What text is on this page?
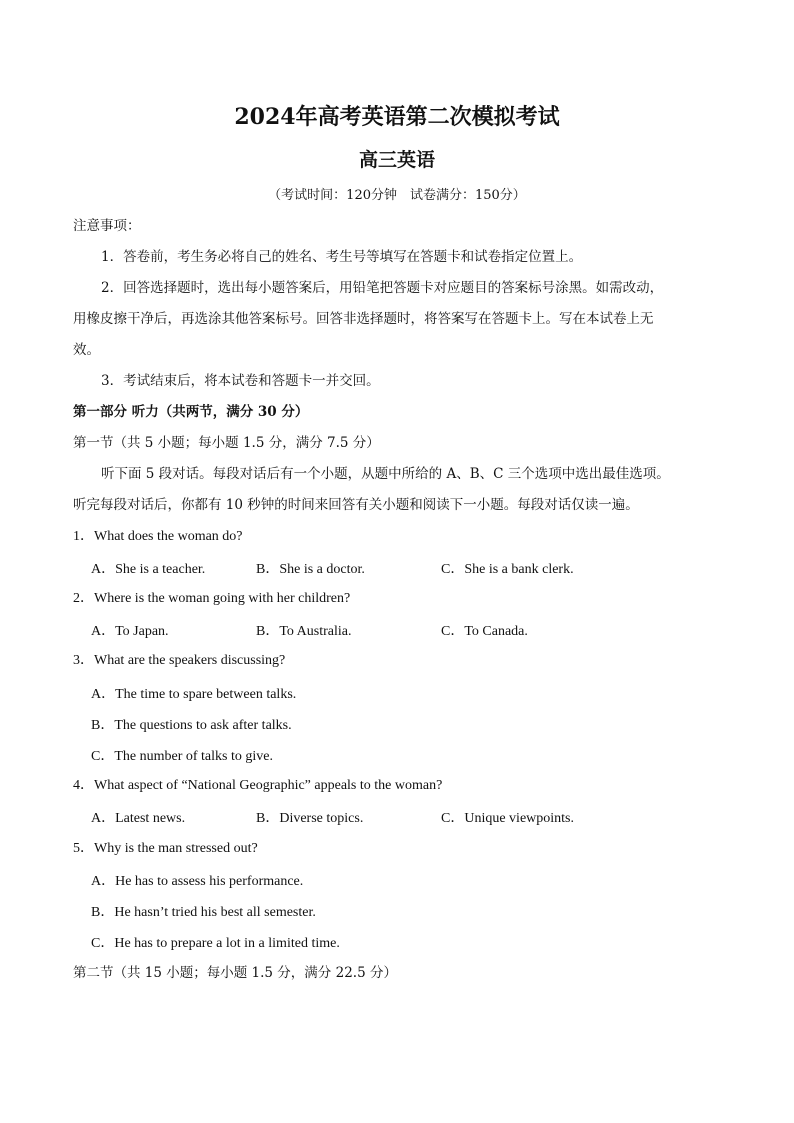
2024年高考英语第二次模拟考试
高三英语
（考试时间：120分钟　试卷满分：150分）
注意事项：
1．答卷前，考生务必将自己的姓名、考生号等填写在答题卡和试卷指定位置上。
2．回答选择题时，选出每小题答案后，用铅笔把答题卡对应题目的答案标号涂黑。如需改动，
用橡皮擦干净后，再选涂其他答案标号。回答非选择题时，将答案写在答题卡上。写在本试卷上无
效。
3．考试结束后，将本试卷和答题卡一并交回。
第一部分 听力（共两节，满分 30 分）
第一节（共 5 小题；每小题 1.5 分，满分 7.5 分）
听下面 5 段对话。每段对话后有一个小题，从题中所给的 A、B、C 三个选项中选出最佳选项。
听完每段对话后，你都有 10 秒钟的时间来回答有关小题和阅读下一小题。每段对话仅读一遍。
1．What does the woman do?
A．She is a teacher.	B．She is a doctor.	C．She is a bank clerk.
2．Where is the woman going with her children?
A．To Japan.	B．To Australia.	C．To Canada.
3．What are the speakers discussing?
A．The time to spare between talks.
B．The questions to ask after talks.
C．The number of talks to give.
4．What aspect of “National Geographic” appeals to the woman?
A．Latest news.	B．Diverse topics.	C．Unique viewpoints.
5．Why is the man stressed out?
A．He has to assess his performance.
B．He hasn’t tried his best all semester.
C．He has to prepare a lot in a limited time.
第二节（共 15 小题；每小题 1.5 分，满分 22.5 分）
